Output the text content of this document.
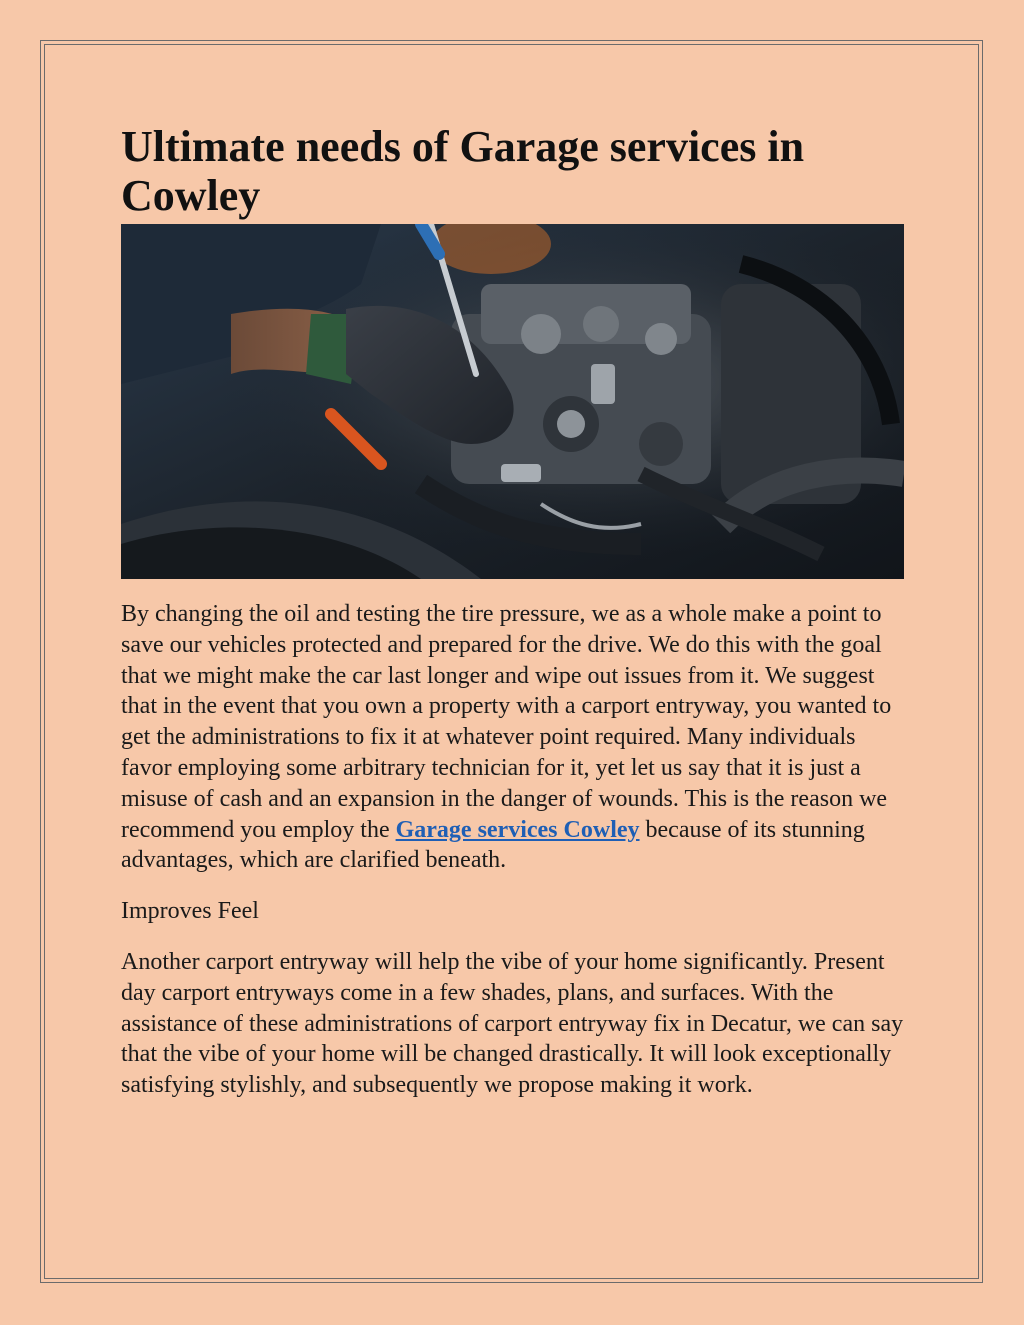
Ultimate needs of Garage services in Cowley

By changing the oil and testing the tire pressure, we as a whole make a point to save our vehicles protected and prepared for the drive. We do this with the goal that we might make the car last longer and wipe out issues from it. We suggest that in the event that you own a property with a carport entryway, you wanted to get the administrations to fix it at whatever point required. Many individuals favor employing some arbitrary technician for it, yet let us say that it is just a misuse of cash and an expansion in the danger of wounds. This is the reason we recommend you employ the Garage services Cowley because of its stunning advantages, which are clarified beneath.

Improves Feel

Another carport entryway will help the vibe of your home significantly. Present day carport entryways come in a few shades, plans, and surfaces. With the assistance of these administrations of carport entryway fix in Decatur, we can say that the vibe of your home will be changed drastically. It will look exceptionally satisfying stylishly, and subsequently we propose making it work.
